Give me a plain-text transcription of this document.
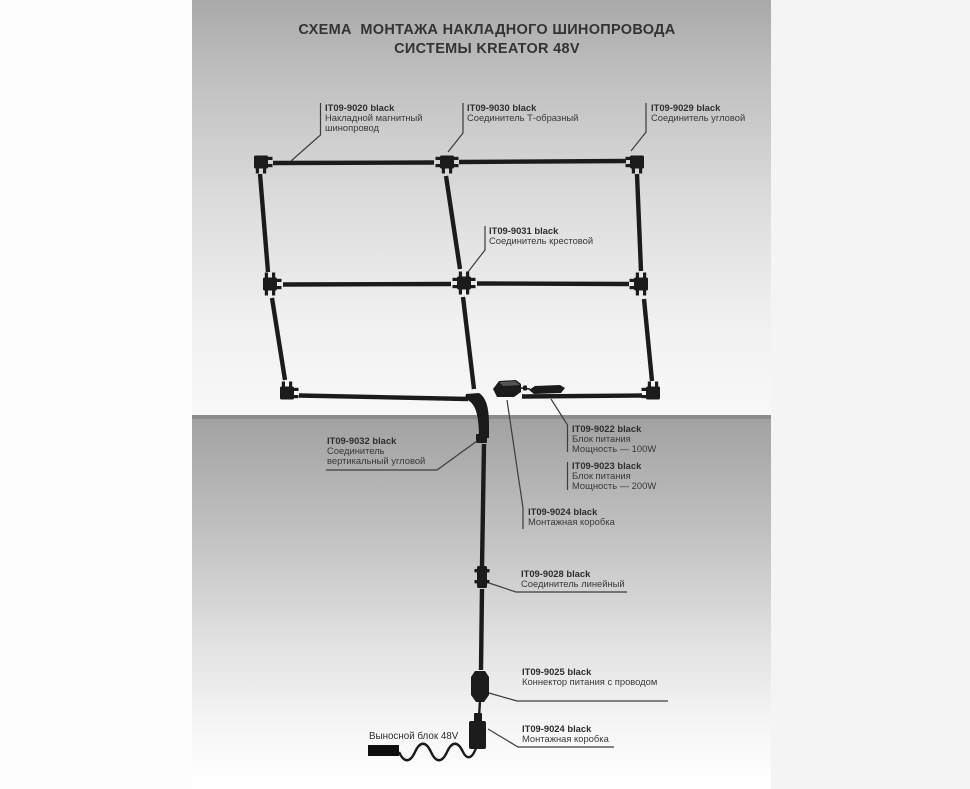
СХЕМА  МОНТАЖА НАКЛАДНОГО ШИНОПРОВОДА
СИСТЕМЫ KREATOR 48V
IT09-9020 black
Накладной магнитный
шинопровод
IT09-9030 black
Соединитель Т-образный
IT09-9029 black
Соединитель угловой
IT09-9031 black
Соединитель крестовой
IT09-9032 black
Соединитель
вертикальный угловой
IT09-9022 black
Блок питания
Мощность — 100W
IT09-9023 black
Блок питания
Мощность — 200W
IT09-9024 black
Монтажная коробка
IT09-9028 black
Соединитель линейный
IT09-9025 black
Коннектор питания с проводом
IT09-9024 black
Монтажная коробка
Выносной блок 48V
